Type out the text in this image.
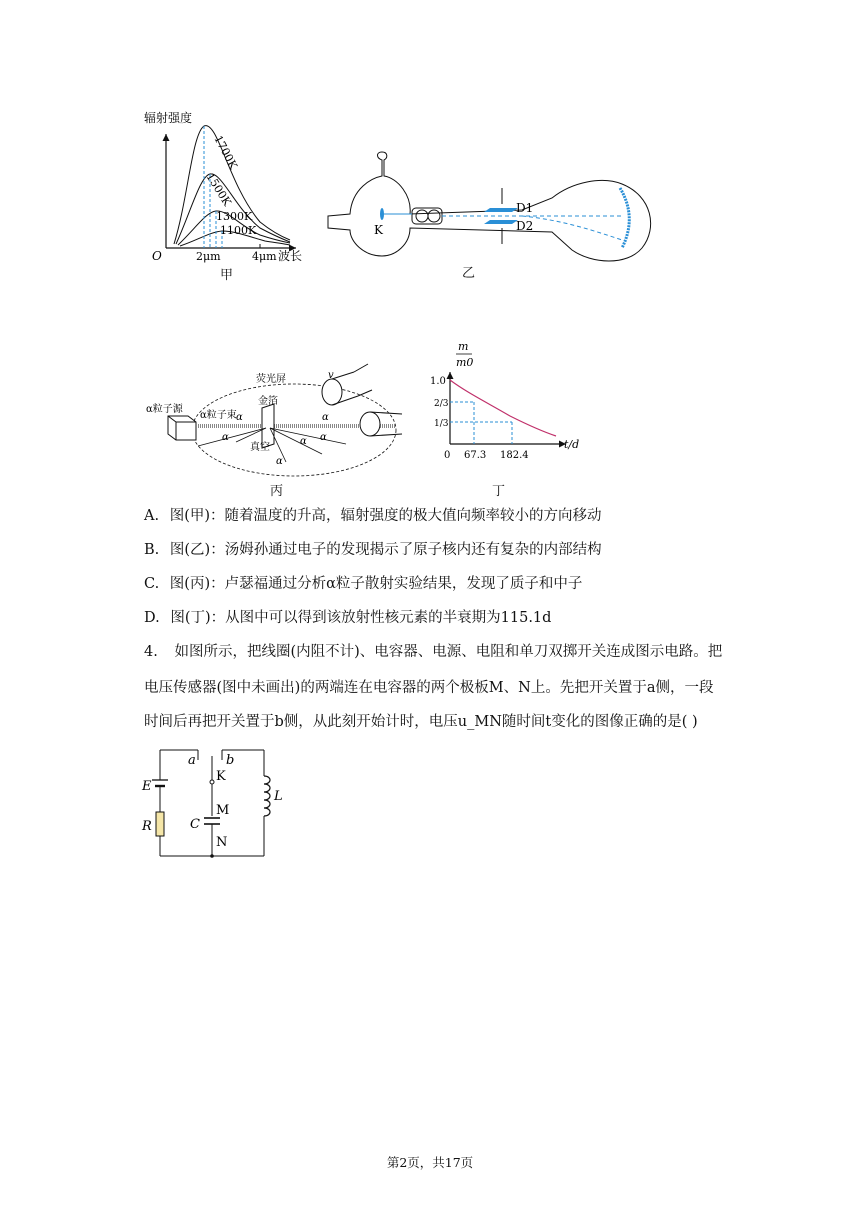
辐射强度
O	2μm	4μm 波长
1700K
1500K
1300K
1100K
甲
K
D1
D2
乙
荧光屏
α粒子源
α粒子束
金箔
真空
v
α
α
α
α α
α
丙
m
m0
1.0
2/3
1/3
0 67.3 182.4
t/d
丁
A. 图(甲)：随着温度的升高，辐射强度的极大值向频率较小的方向移动
B. 图(乙)：汤姆孙通过电子的发现揭示了原子核内还有复杂的内部结构
C. 图(丙)：卢瑟福通过分析α粒子散射实验结果，发现了质子和中子
D. 图(丁)：从图中可以得到该放射性核元素的半衰期为115.1d
4. 如图所示，把线圈(内阻不计)、电容器、电源、电阻和单刀双掷开关连成图示电路。把
电压传感器(图中未画出)的两端连在电容器的两个极板M、N上。先把开关置于a侧，一段
时间后再把开关置于b侧，从此刻开始计时，电压u_MN随时间t变化的图像正确的是( )
a b
K
M
N
C
E
R
L
第2页，共17页
